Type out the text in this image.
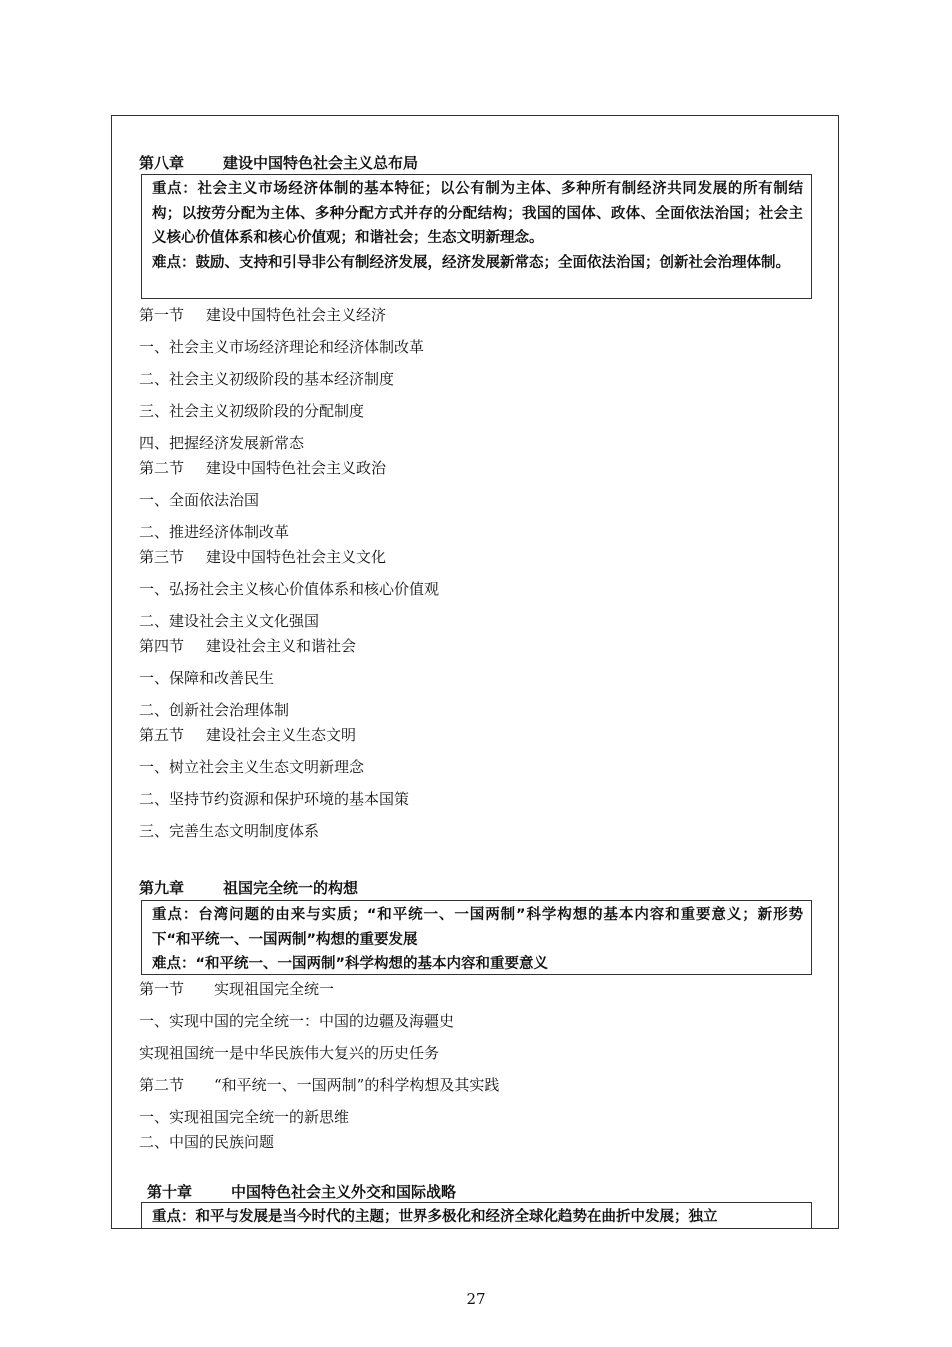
第八章	建设中国特色社会主义总布局

重点：社会主义市场经济体制的基本特征；以公有制为主体、多种所有制经济共同发展的所有制结构；以按劳分配为主体、多种分配方式并存的分配结构；我国的国体、政体、全面依法治国；社会主义核心价值体系和核心价值观；和谐社会；生态文明新理念。

难点：鼓励、支持和引导非公有制经济发展，经济发展新常态；全面依法治国；创新社会治理体制。

第一节 建设中国特色社会主义经济
一、社会主义市场经济理论和经济体制改革
二、社会主义初级阶段的基本经济制度
三、社会主义初级阶段的分配制度
四、把握经济发展新常态
第二节 建设中国特色社会主义政治
一、全面依法治国
二、推进经济体制改革
第三节 建设中国特色社会主义文化
一、弘扬社会主义核心价值体系和核心价值观
二、建设社会主义文化强国
第四节 建设社会主义和谐社会
一、保障和改善民生
二、创新社会治理体制
第五节 建设社会主义生态文明
一、树立社会主义生态文明新理念
二、坚持节约资源和保护环境的基本国策
三、完善生态文明制度体系
第九章	祖国完全统一的构想

重点：台湾问题的由来与实质；“和平统一、一国两制”科学构想的基本内容和重要意义；新形势下“和平统一、一国两制”构想的重要发展

难点：“和平统一、一国两制”科学构想的基本内容和重要意义

第一节 实现祖国完全统一
一、实现中国的完全统一：中国的边疆及海疆史
实现祖国统一是中华民族伟大复兴的历史任务
第二节 “和平统一、一国两制”的科学构想及其实践
一、实现祖国完全统一的新思维
二、中国的民族问题
第十章	中国特色社会主义外交和国际战略

重点：和平与发展是当今时代的主题；世界多极化和经济全球化趋势在曲折中发展；独立

27
